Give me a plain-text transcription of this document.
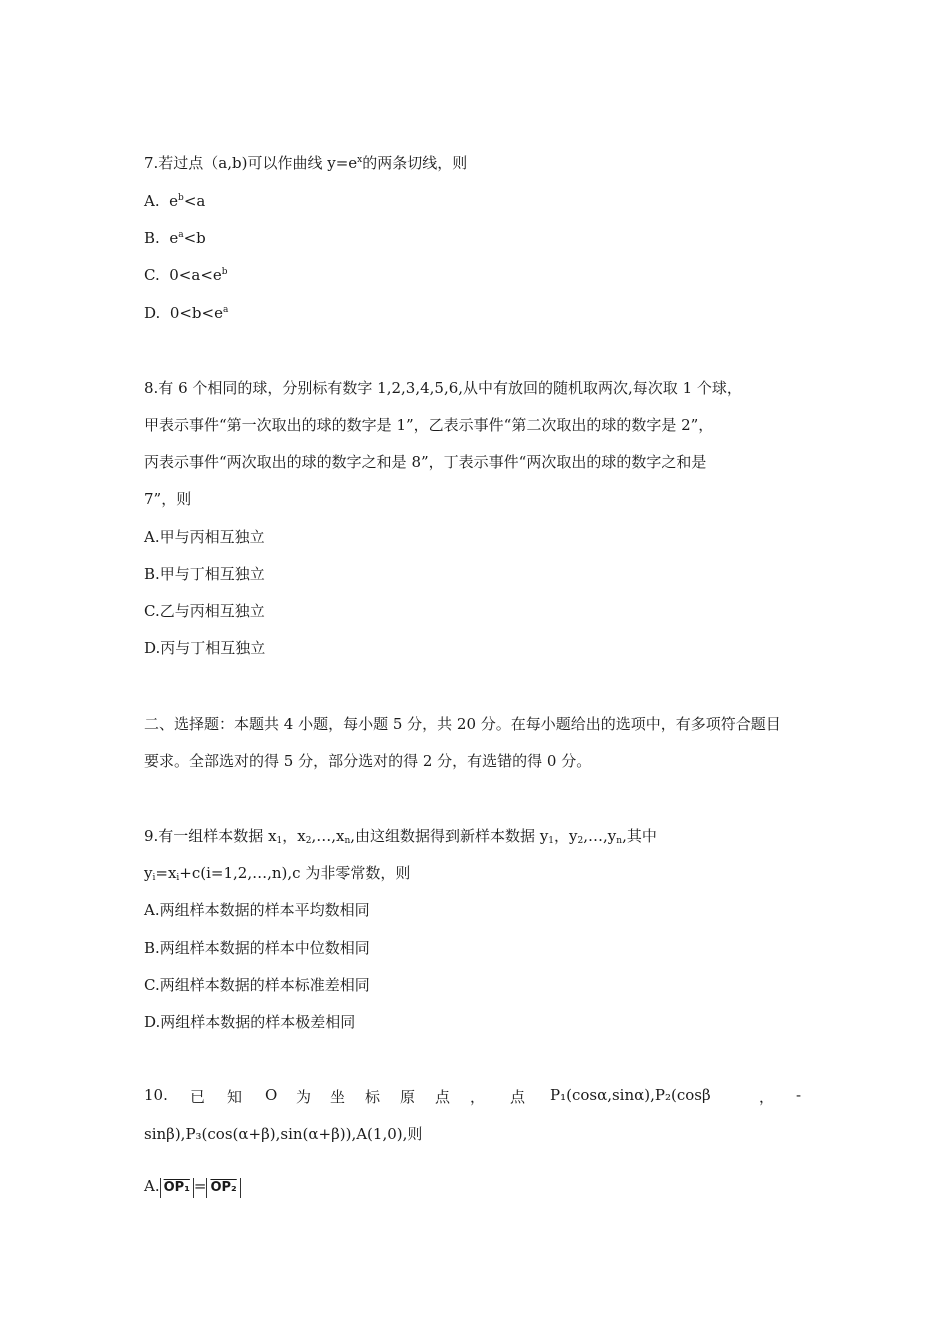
7.若过点（a,b)可以作曲线 $y=e^x$的两条切线，则
A. $e^b<a$
B. $e^a<b$
C. $0<a<e^b$
D. $0<b<e^a$
8.有 6 个相同的球，分别标有数字 1,2,3,4,5,6,从中有放回的随机取两次,每次取 1 个球，
甲表示事件“第一次取出的球的数字是 1”，乙表示事件“第二次取出的球的数字是 2”，
丙表示事件“两次取出的球的数字之和是 8”，丁表示事件“两次取出的球的数字之和是
7”，则
A.甲与丙相互独立
B.甲与丁相互独立
C.乙与丙相互独立
D.丙与丁相互独立
二、选择题：本题共 4 小题，每小题 5 分，共 20 分。在每小题给出的选项中，有多项符合题目
要求。全部选对的得 5 分，部分选对的得 2 分，有选错的得 0 分。
9.有一组样本数据 $x_1$，$x_2,\dots,x_n$,由这组数据得到新样本数据 $y_1$，$y_2,\dots,y_n$,其中
$y_i=x_i+c(i=1,2,\dots,n),c$ 为非零常数，则
A.两组样本数据的样本平均数相同
B.两组样本数据的样本中位数相同
C.两组样本数据的样本标准差相同
D.两组样本数据的样本极差相同
10. 已 知 O 为 坐 标 原 点 ， 点 P₁(cosα,sinα),P₂(cosβ	， -
sinβ),P₃(cos(α+β),sin(α+β)),A(1,0),则
A. OP₁ = OP₂
